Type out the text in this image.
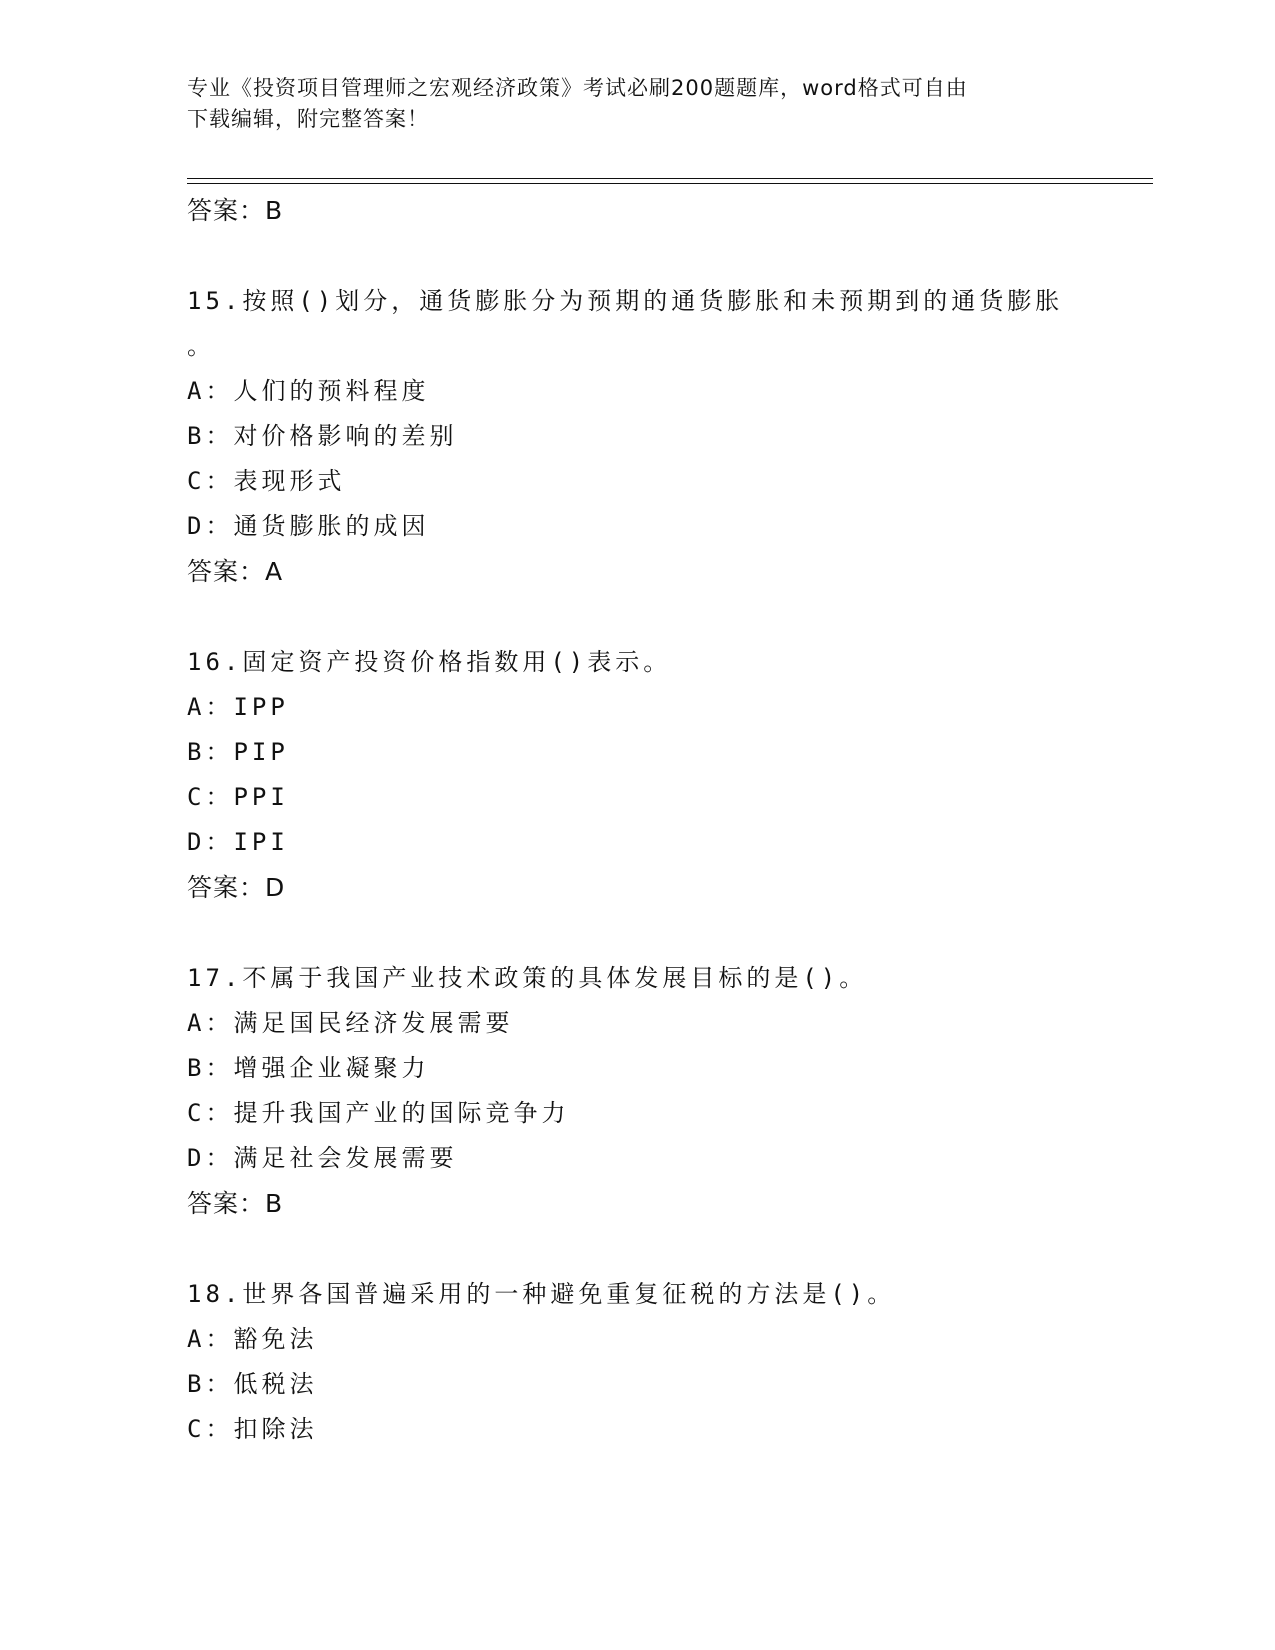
专业《投资项目管理师之宏观经济政策》考试必刷200题题库，word格式可自由
下载编辑，附完整答案！
答案：B
15.按照()划分，通货膨胀分为预期的通货膨胀和未预期到的通货膨胀
。
A：人们的预料程度
B：对价格影响的差别
C：表现形式
D：通货膨胀的成因
答案：A
16.固定资产投资价格指数用()表示。
A：IPP
B：PIP
C：PPI
D：IPI
答案：D
17.不属于我国产业技术政策的具体发展目标的是()。
A：满足国民经济发展需要
B：增强企业凝聚力
C：提升我国产业的国际竞争力
D：满足社会发展需要
答案：B
18.世界各国普遍采用的一种避免重复征税的方法是()。
A：豁免法
B：低税法
C：扣除法
